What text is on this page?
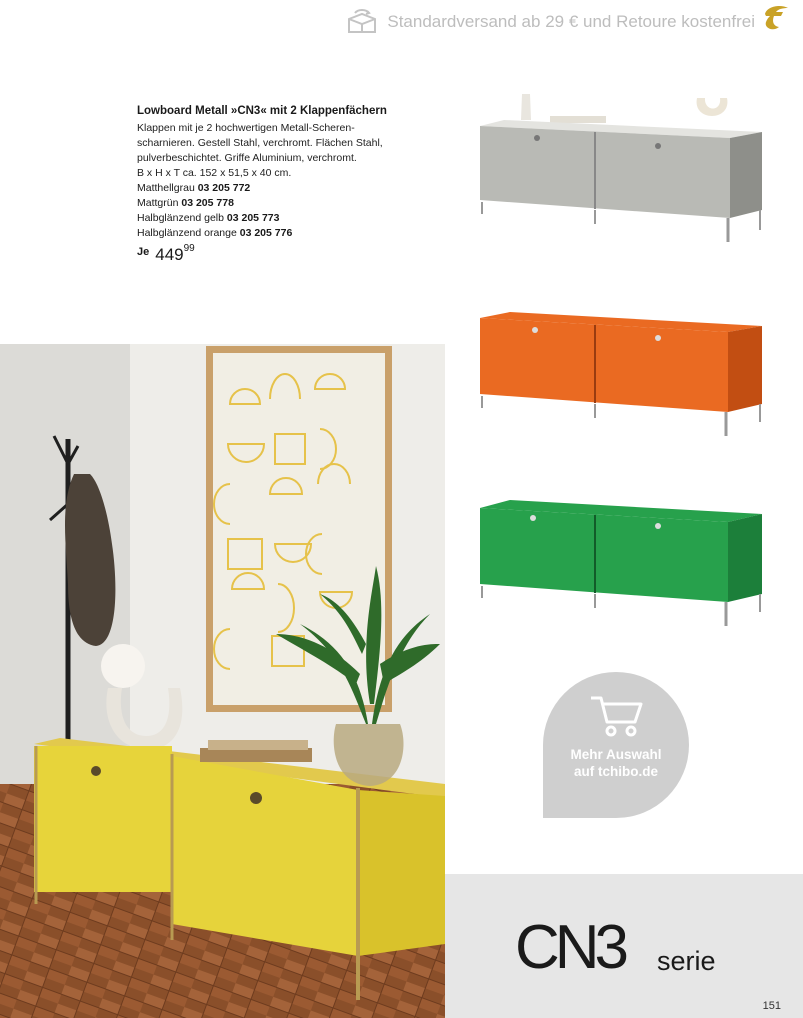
Standardversand ab 29 € und Retoure kostenfrei
Lowboard Metall »CN3« mit 2 Klappenfächern
Klappen mit je 2 hochwertigen Metall-Scheren-
scharnieren. Gestell Stahl, verchromt. Flächen Stahl,
pulverbeschichtet. Griffe Aluminium, verchromt.
B x H x T ca. 152 x 51,5 x 40 cm.
Matthellgrau 03 205 772
Mattgrün 03 205 778
Halbglänzend gelb 03 205 773
Halbglänzend orange 03 205 776
Je $449^{99}$
Mehr Auswahl
auf tchibo.de
CN3 serie
151
